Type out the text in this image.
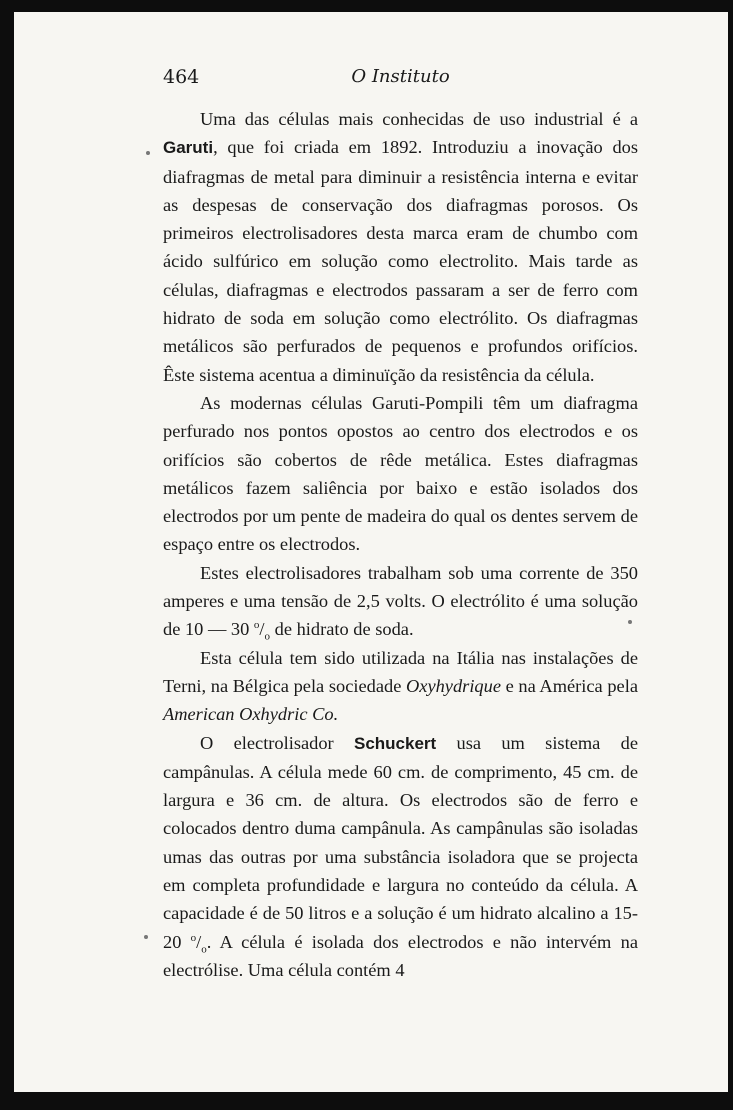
464	O Instituto

Uma das células mais conhecidas de uso industrial é a Garuti, que foi criada em 1892. Introduziu a inovação dos diafragmas de metal para diminuir a resistência interna e evitar as despesas de conservação dos diafragmas porosos. Os primeiros electrolisadores desta marca eram de chumbo com ácido sulfúrico em solução como electrolito. Mais tarde as células, diafragmas e electrodos passaram a ser de ferro com hidrato de soda em solução como electrólito. Os diafragmas metálicos são perfurados de pequenos e profundos orifícios. Êste sistema acentua a diminuïção da resistência da célula.

As modernas células Garuti-Pompili têm um diafragma perfurado nos pontos opostos ao centro dos electrodos e os orifícios são cobertos de rêde metálica. Estes diafragmas metálicos fazem saliência por baixo e estão isolados dos electrodos por um pente de madeira do qual os dentes servem de espaço entre os electrodos.

Estes electrolisadores trabalham sob uma corrente de 350 amperes e uma tensão de 2,5 volts. O electrólito é uma solução de 10 — 30 $^o/_o$ de hidrato de soda.

Esta célula tem sido utilizada na Itália nas instalações de Terni, na Bélgica pela sociedade Oxyhydrique e na América pela American Oxhydric Co.

O electrolisador Schuckert usa um sistema de campânulas. A célula mede 60 cm. de comprimento, 45 cm. de largura e 36 cm. de altura. Os electrodos são de ferro e colocados dentro duma campânula. As campânulas são isoladas umas das outras por uma substância isoladora que se projecta em completa profundidade e largura no conteúdo da célula. A capacidade é de 50 litros e a solução é um hidrato alcalino a 15-20 $^o/_o$. A célula é isolada dos electrodos e não intervém na electrólise. Uma célula contém 4
